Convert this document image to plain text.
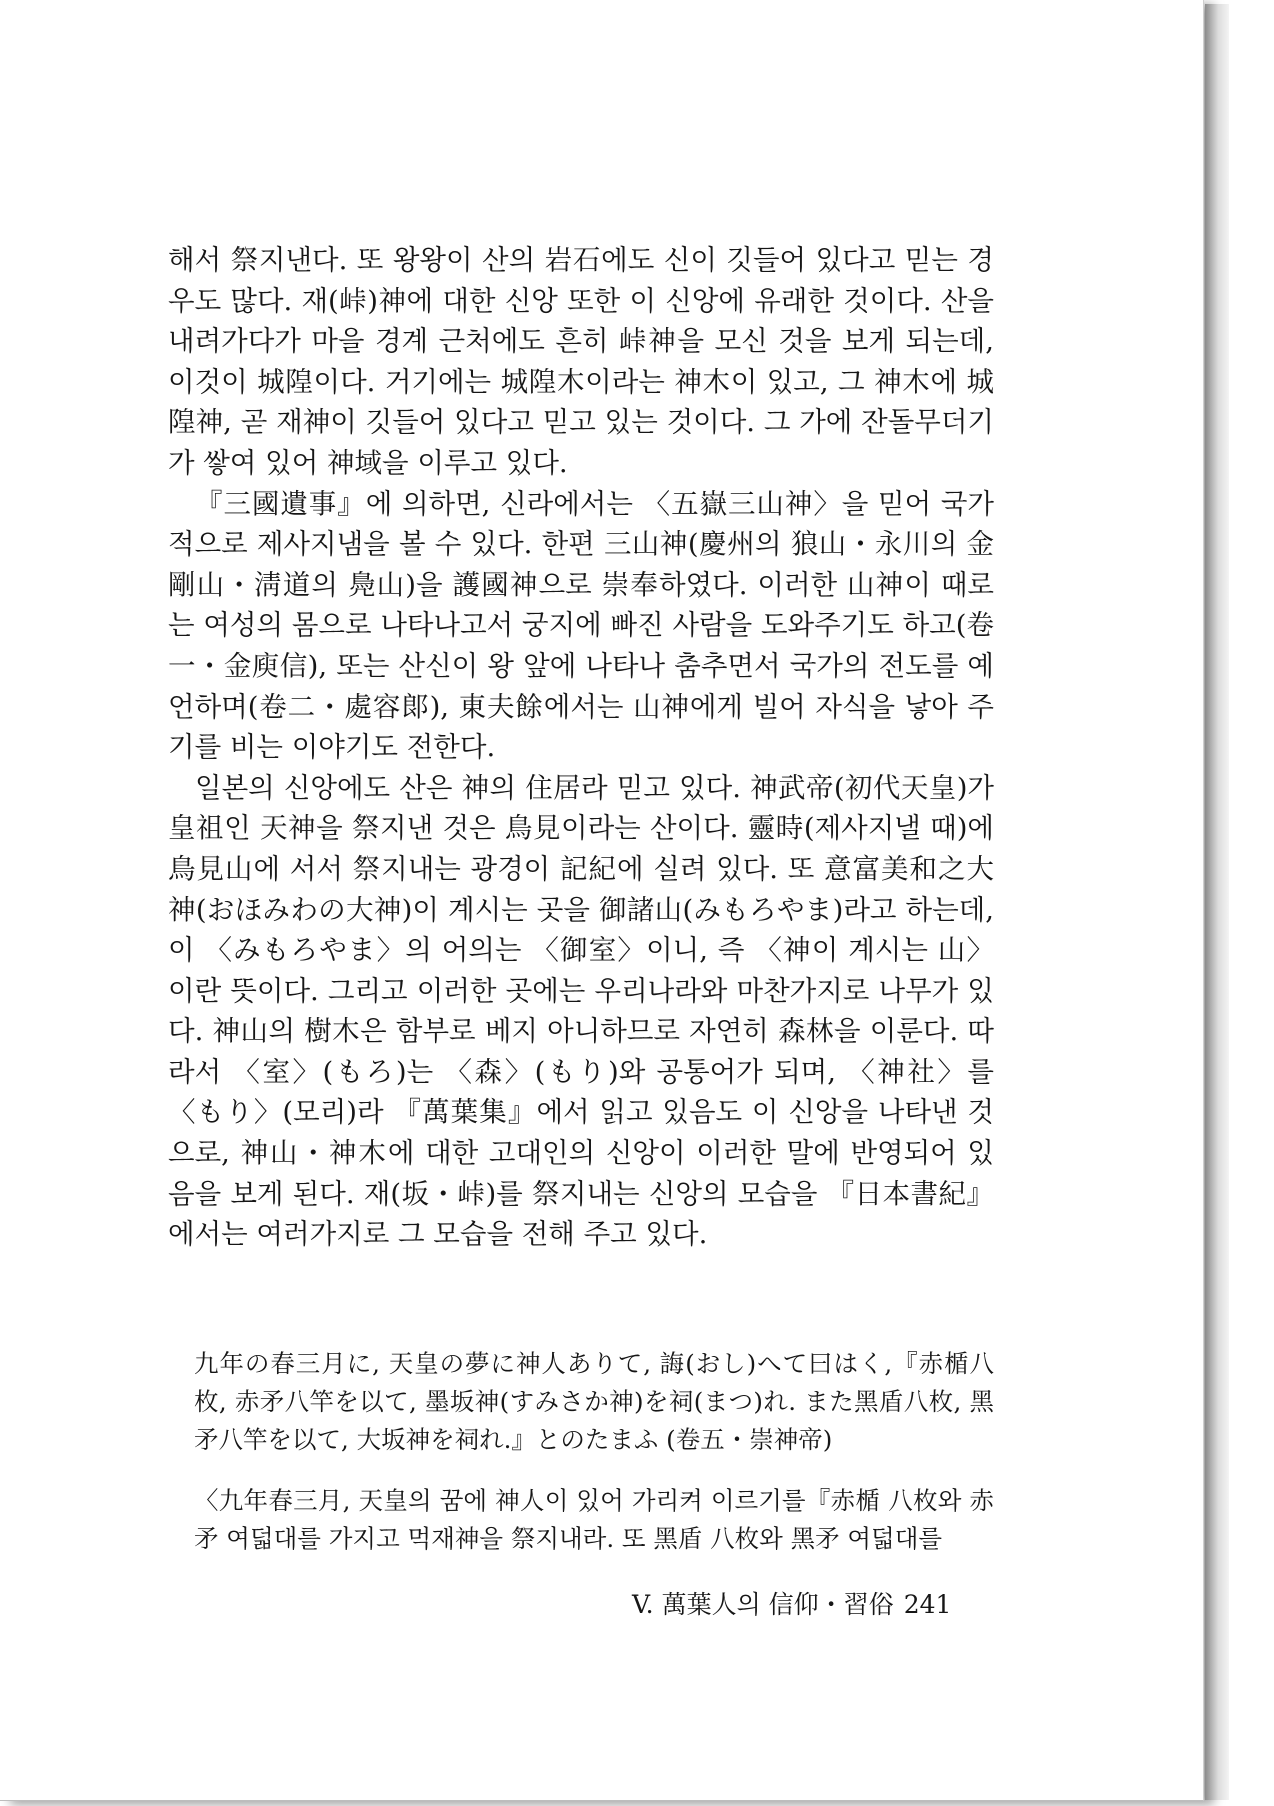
해서 祭지낸다. 또 왕왕이 산의 岩石에도 신이 깃들어 있다고 믿는 경우도 많다. 재(峠)神에 대한 신앙 또한 이 신앙에 유래한 것이다. 산을 내려가다가 마을 경계 근처에도 흔히 峠神을 모신 것을 보게 되는데, 이것이 城隍이다. 거기에는 城隍木이라는 神木이 있고, 그 神木에 城隍神, 곧 재神이 깃들어 있다고 믿고 있는 것이다. 그 가에 잔돌무더기가 쌓여 있어 神域을 이루고 있다.

『三國遺事』에 의하면, 신라에서는 〈五嶽三山神〉을 믿어 국가적으로 제사지냄을 볼 수 있다. 한편 三山神(慶州의 狼山・永川의 金剛山・淸道의 鳧山)을 護國神으로 崇奉하였다. 이러한 山神이 때로는 여성의 몸으로 나타나고서 궁지에 빠진 사람을 도와주기도 하고(卷一・金庾信), 또는 산신이 왕 앞에 나타나 춤추면서 국가의 전도를 예언하며(卷二・處容郞), 東夫餘에서는 山神에게 빌어 자식을 낳아 주기를 비는 이야기도 전한다.

일본의 신앙에도 산은 神의 住居라 믿고 있다. 神武帝(初代天皇)가 皇祖인 天神을 祭지낸 것은 鳥見이라는 산이다. 靈時(제사지낼 때)에 鳥見山에 서서 祭지내는 광경이 記紀에 실려 있다. 또 意富美和之大神(おほみわの大神)이 계시는 곳을 御諸山(みもろやま)라고 하는데, 이 〈みもろやま〉의 어의는 〈御室〉이니, 즉 〈神이 계시는 山〉이란 뜻이다. 그리고 이러한 곳에는 우리나라와 마찬가지로 나무가 있다. 神山의 樹木은 함부로 베지 아니하므로 자연히 森林을 이룬다. 따라서 〈室〉(もろ)는 〈森〉(もり)와 공통어가 되며, 〈神社〉를 〈もり〉(모리)라 『萬葉集』에서 읽고 있음도 이 신앙을 나타낸 것으로, 神山・神木에 대한 고대인의 신앙이 이러한 말에 반영되어 있음을 보게 된다. 재(坂・峠)를 祭지내는 신앙의 모습을 『日本書紀』에서는 여러가지로 그 모습을 전해 주고 있다.

九年の春三月に, 天皇の夢に神人ありて, 誨(おし)へて曰はく,『赤楯八枚, 赤矛八竿を以て, 墨坂神(すみさか神)を祠(まつ)れ. また黑盾八枚, 黑矛八竿を以て, 大坂神を祠れ.』とのたまふ (卷五・崇神帝)

〈九年春三月, 天皇의 꿈에 神人이 있어 가리켜 이르기를『赤楯 八枚와 赤矛 여덟대를 가지고 먹재神을 祭지내라. 또 黑盾 八枚와 黑矛 여덟대를

V. 萬葉人의 信仰・習俗 241
